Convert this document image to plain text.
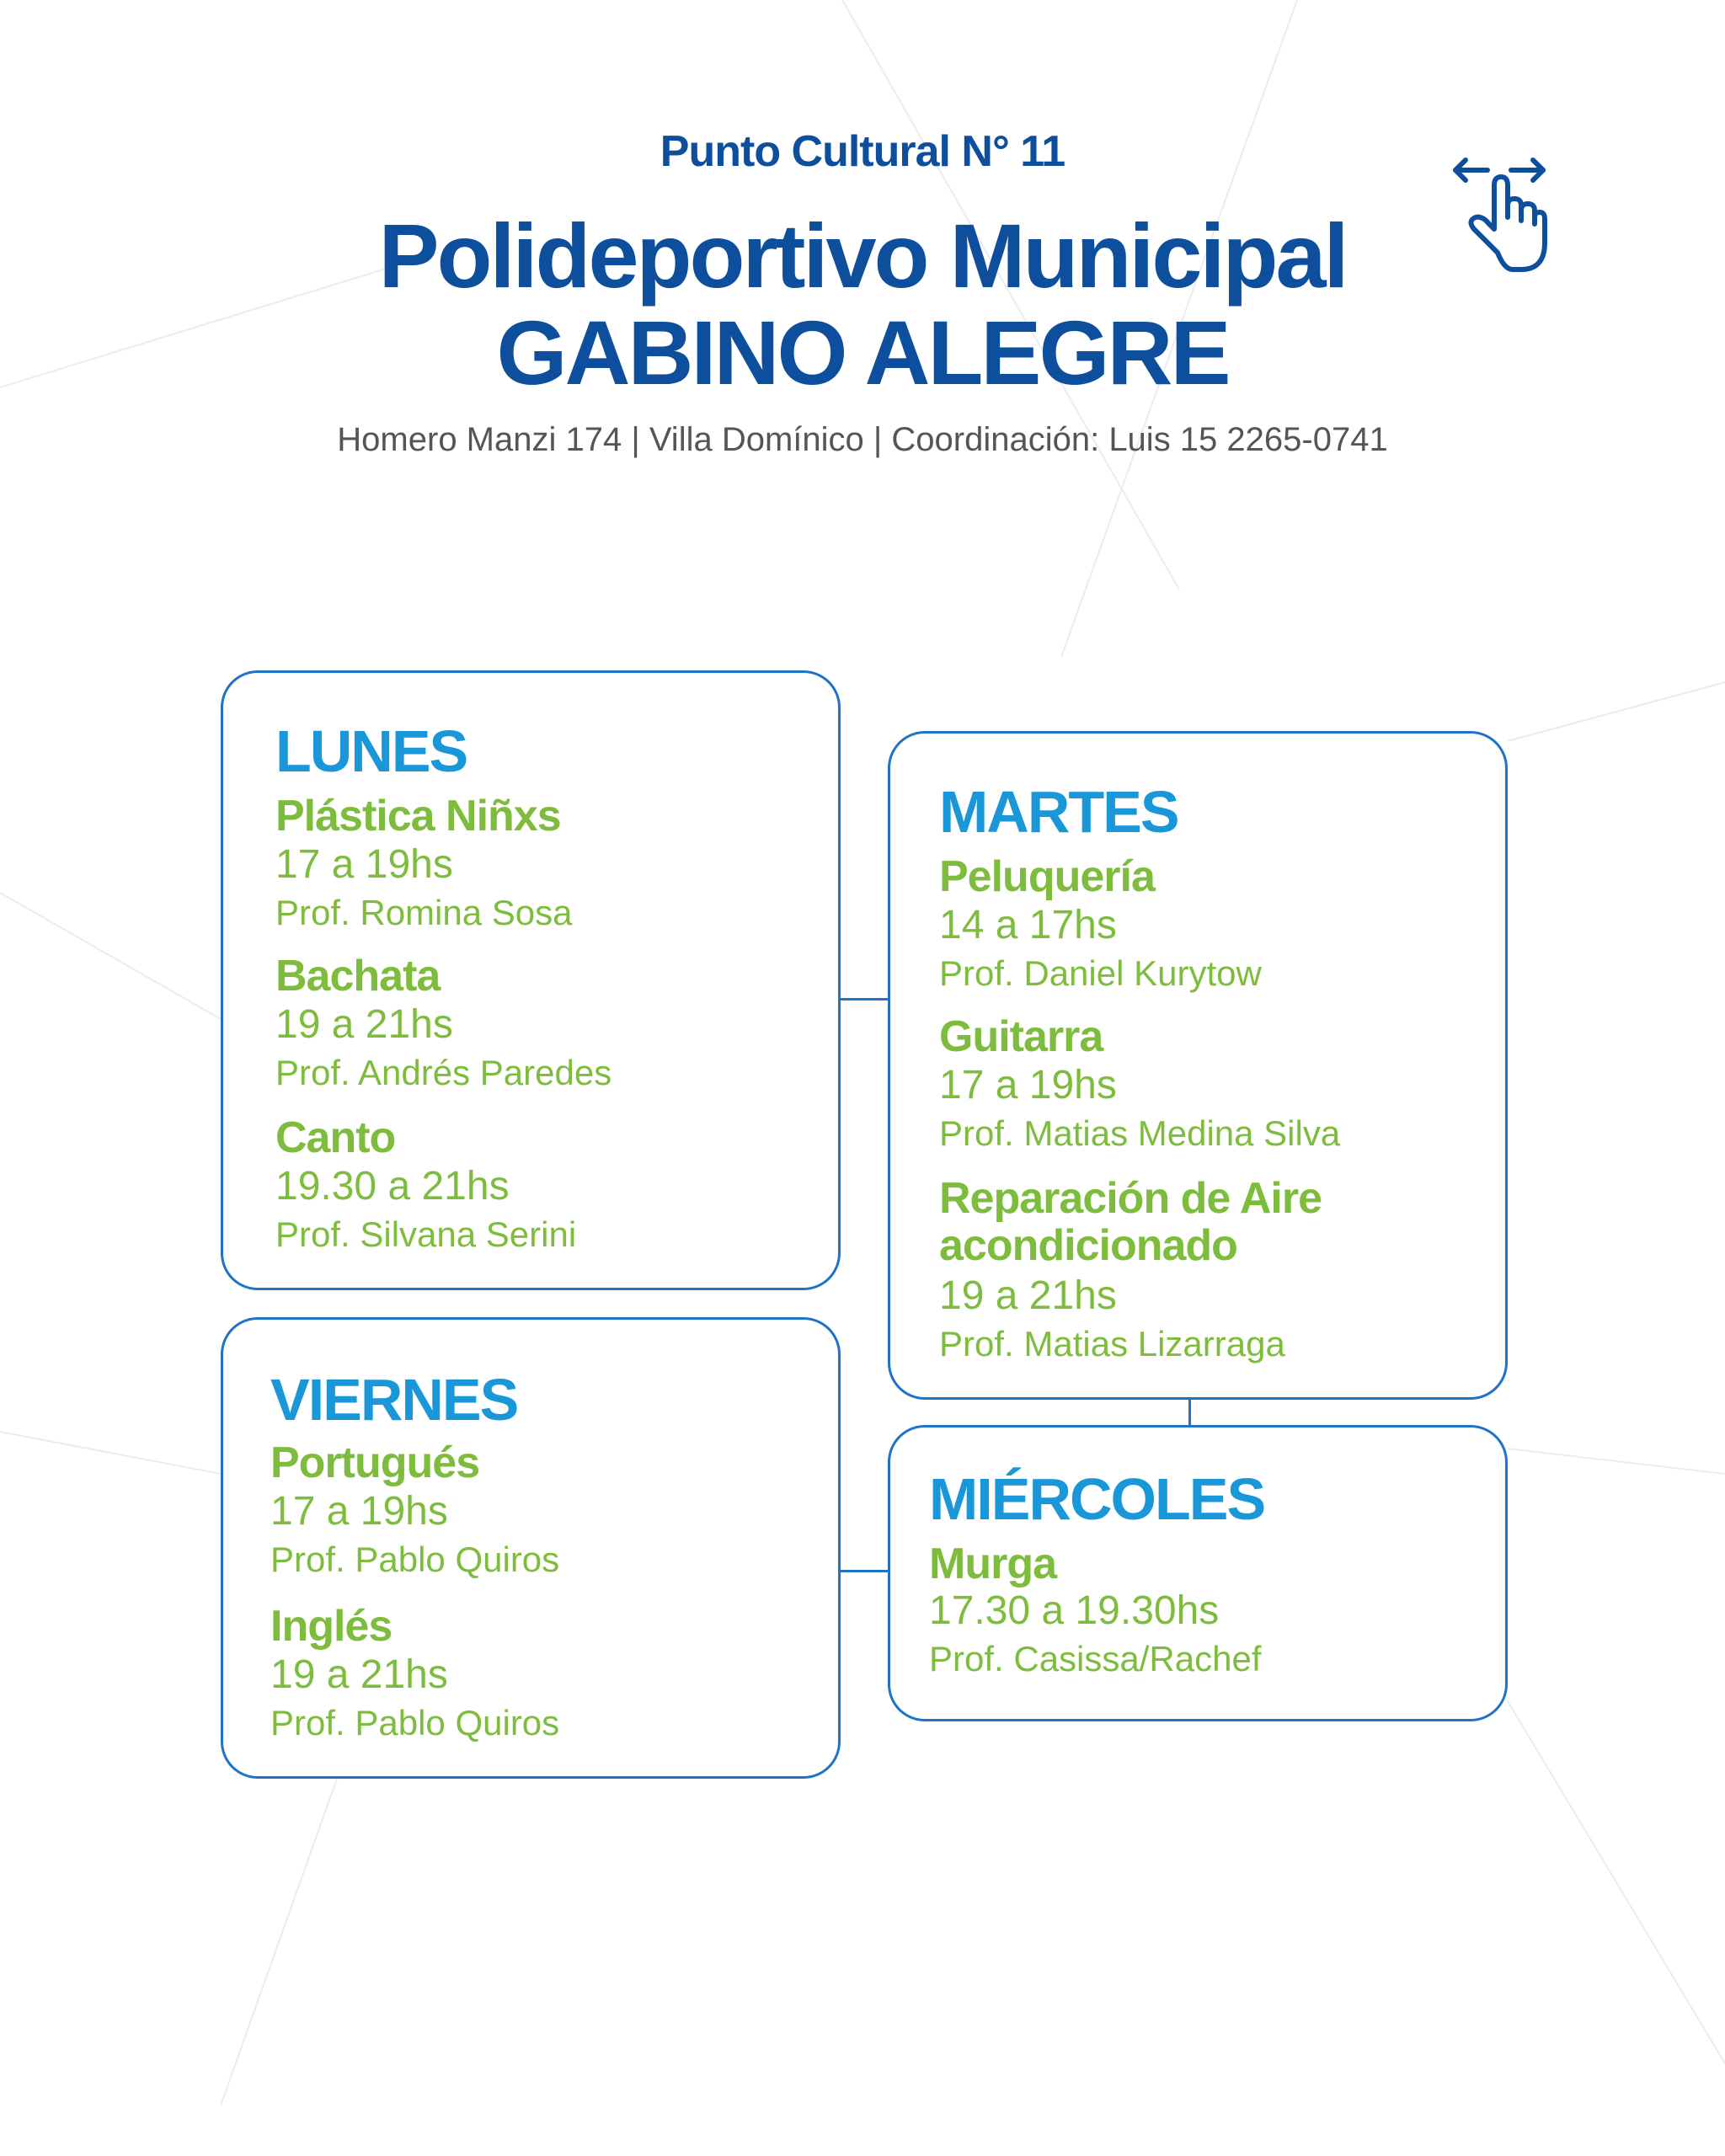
Punto Cultural N° 11
Polideportivo Municipal
GABINO ALEGRE
Homero Manzi 174 | Villa Domínico | Coordinación: Luis 15 2265-0741
LUNES
Plástica Niñxs
17 a 19hs
Prof. Romina Sosa
Bachata
19 a 21hs
Prof. Andrés Paredes
Canto
19.30 a 21hs
Prof. Silvana Serini
VIERNES
Portugués
17 a 19hs
Prof. Pablo Quiros
Inglés
19 a 21hs
Prof. Pablo Quiros
MARTES
Peluquería
14 a 17hs
Prof. Daniel Kurytow
Guitarra
17 a 19hs
Prof. Matias Medina Silva
Reparación de Aire
acondicionado
19 a 21hs
Prof. Matias Lizarraga
MIÉRCOLES
Murga
17.30 a 19.30hs
Prof. Casissa/Rachef
